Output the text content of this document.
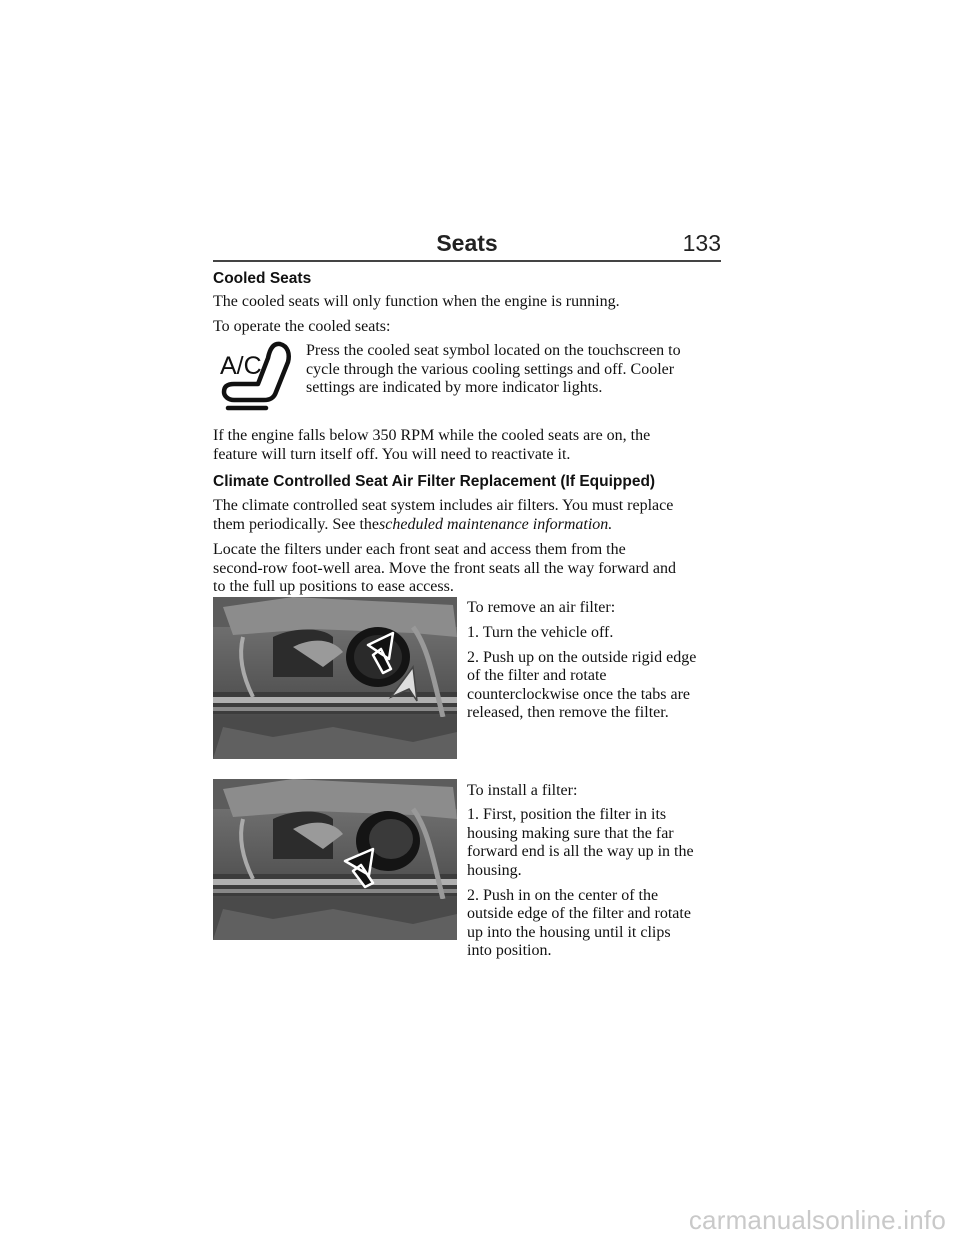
Seats	133
Cooled Seats

The cooled seats will only function when the engine is running.

To operate the cooled seats:

A/C

Press the cooled seat symbol located on the touchscreen to

cycle through the various cooling settings and off. Cooler

settings are indicated by more indicator lights.

If the engine falls below 350 RPM while the cooled seats are on, the

feature will turn itself off. You will need to reactivate it.

Climate Controlled Seat Air Filter Replacement (If Equipped)

The climate controlled seat system includes air filters. You must replace

them periodically. See thescheduled maintenance information.

Locate the filters under each front seat and access them from the

second-row foot-well area. Move the front seats all the way forward and

to the full up positions to ease access.

To remove an air filter:

1. Turn the vehicle off.

2. Push up on the outside rigid edge

of the filter and rotate

counterclockwise once the tabs are

released, then remove the filter.

To install a filter:

1. First, position the filter in its

housing making sure that the far

forward end is all the way up in the

housing.

2. Push in on the center of the

outside edge of the filter and rotate

up into the housing until it clips

into position.

carmanualsonline.info
